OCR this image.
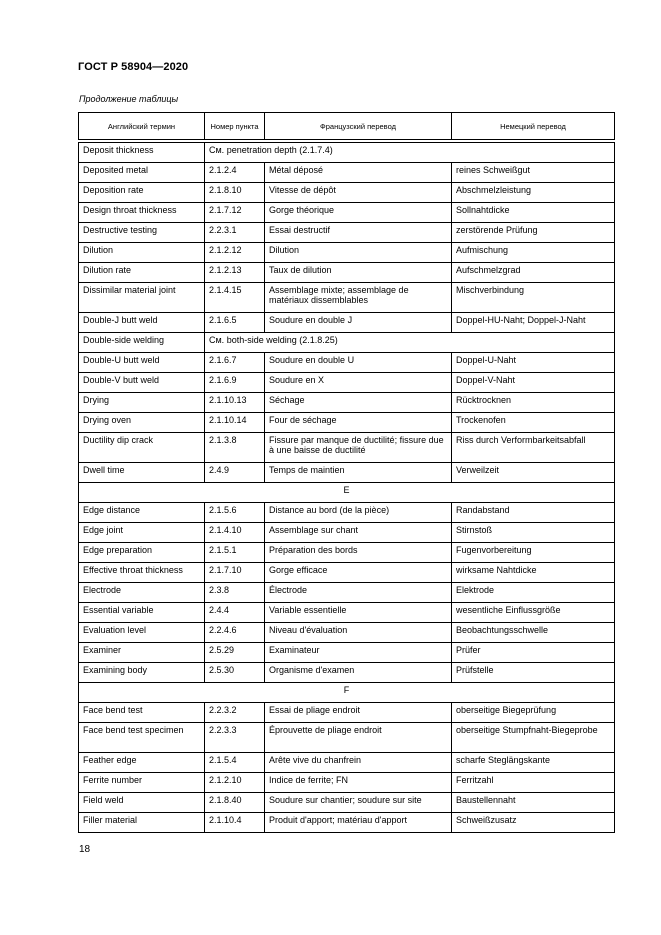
ГОСТ Р 58904—2020
Продолжение таблицы
Английский термин	Номер пункта	Французский перевод	Немецкий перевод

Deposit thickness	См. penetration depth (2.1.7.4)		
Deposited metal	2.1.2.4	Métal déposé	reines Schweißgut
Deposition rate	2.1.8.10	Vitesse de dépôt	Abschmelzleistung
Design throat thickness	2.1.7.12	Gorge théorique	Sollnahtdicke
Destructive testing	2.2.3.1	Essai destructif	zerstörende Prüfung
Dilution	2.1.2.12	Dilution	Aufmischung
Dilution rate	2.1.2.13	Taux de dilution	Aufschmelzgrad
Dissimilar material joint	2.1.4.15	Assemblage mixte; assemblage de matériaux dissemblables	Mischverbindung
Double-J butt weld	2.1.6.5	Soudure en double J	Doppel-HU-Naht; Doppel-J-Naht
Double-side welding	См. both-side welding (2.1.8.25)		
Double-U butt weld	2.1.6.7	Soudure en double U	Doppel-U-Naht
Double-V butt weld	2.1.6.9	Soudure en X	Doppel-V-Naht
Drying	2.1.10.13	Séchage	Rücktrocknen
Drying oven	2.1.10.14	Four de séchage	Trockenofen
Ductility dip crack	2.1.3.8	Fissure par manque de ductilité; fissure due à une baisse de ductilité	Riss durch Verformbarkeitsabfall
Dwell time	2.4.9	Temps de maintien	Verweilzeit
E			
Edge distance	2.1.5.6	Distance au bord (de la pièce)	Randabstand
Edge joint	2.1.4.10	Assemblage sur chant	Stirnstoß
Edge preparation	2.1.5.1	Préparation des bords	Fugenvorbereitung
Effective throat thickness	2.1.7.10	Gorge efficace	wirksame Nahtdicke
Electrode	2.3.8	Électrode	Elektrode
Essential variable	2.4.4	Variable essentielle	wesentliche Einflussgröße
Evaluation level	2.2.4.6	Niveau d'évaluation	Beobachtungsschwelle
Examiner	2.5.29	Examinateur	Prüfer
Examining body	2.5.30	Organisme d'examen	Prüfstelle
F			
Face bend test	2.2.3.2	Essai de pliage endroit	oberseitige Biegeprüfung
Face bend test specimen	2.2.3.3	Éprouvette de pliage endroit	oberseitige Stumpfnaht-Biegeprobe
Feather edge	2.1.5.4	Arête vive du chanfrein	scharfe Steglängskante
Ferrite number	2.1.2.10	Indice de ferrite; FN	Ferritzahl
Field weld	2.1.8.40	Soudure sur chantier; soudure sur site	Baustellennaht
Filler material	2.1.10.4	Produit d'apport; matériau d'apport	Schweißzusatz
18
